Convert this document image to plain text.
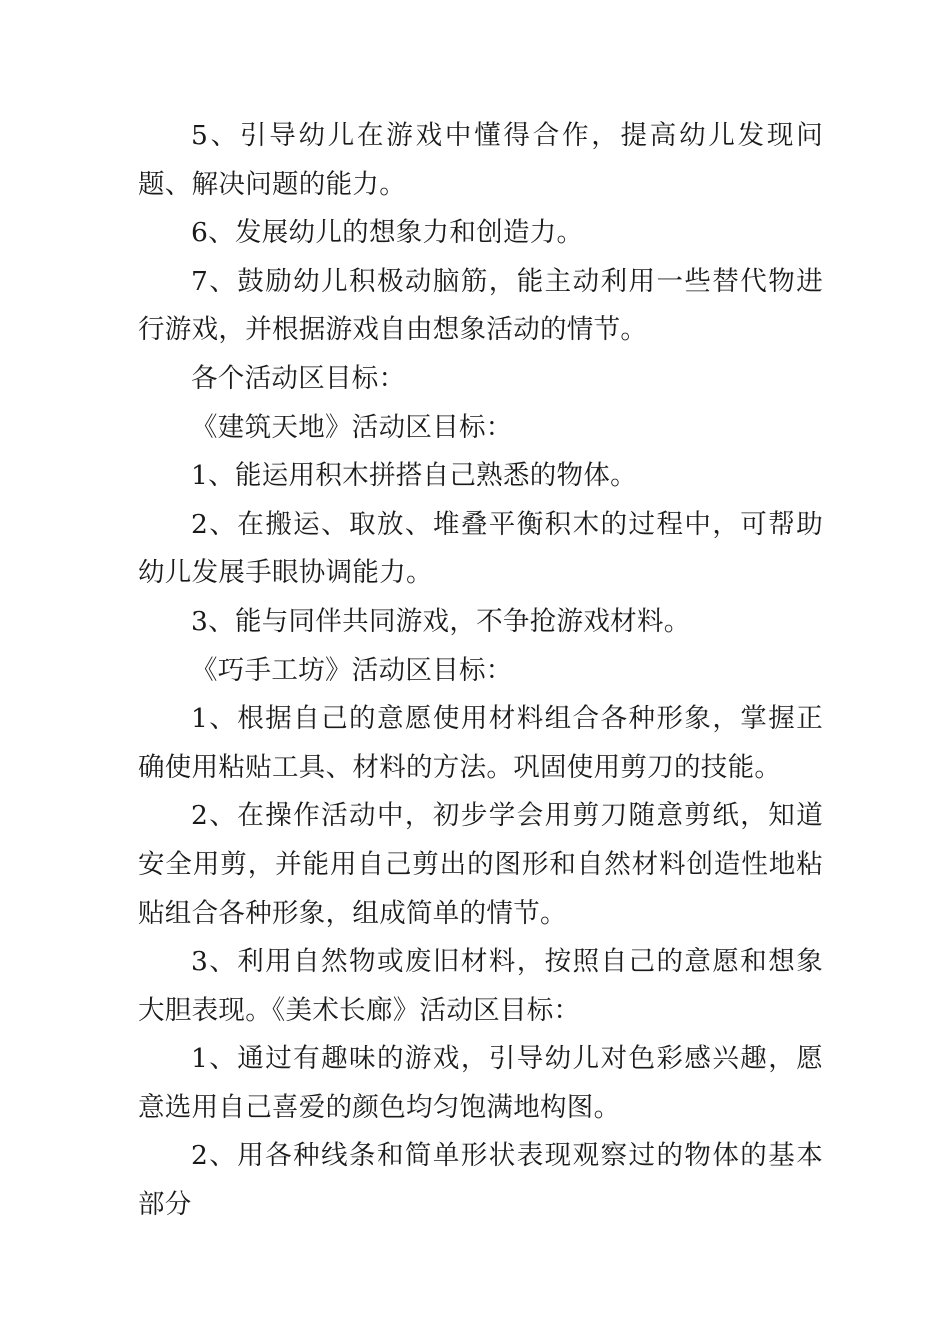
5、引导幼儿在游戏中懂得合作，提高幼儿发现问题、解决问题的能力。

6、发展幼儿的想象力和创造力。

7、鼓励幼儿积极动脑筋，能主动利用一些替代物进行游戏，并根据游戏自由想象活动的情节。

各个活动区目标：

《建筑天地》活动区目标：

1、能运用积木拼搭自己熟悉的物体。

2、在搬运、取放、堆叠平衡积木的过程中，可帮助幼儿发展手眼协调能力。

3、能与同伴共同游戏，不争抢游戏材料。

《巧手工坊》活动区目标：

1、根据自己的意愿使用材料组合各种形象，掌握正确使用粘贴工具、材料的方法。巩固使用剪刀的技能。

2、在操作活动中，初步学会用剪刀随意剪纸，知道安全用剪，并能用自己剪出的图形和自然材料创造性地粘贴组合各种形象，组成简单的情节。

3、利用自然物或废旧材料，按照自己的意愿和想象大胆表现。《美术长廊》活动区目标：

1、通过有趣味的游戏，引导幼儿对色彩感兴趣，愿意选用自己喜爱的颜色均匀饱满地构图。

2、用各种线条和简单形状表现观察过的物体的基本部分
